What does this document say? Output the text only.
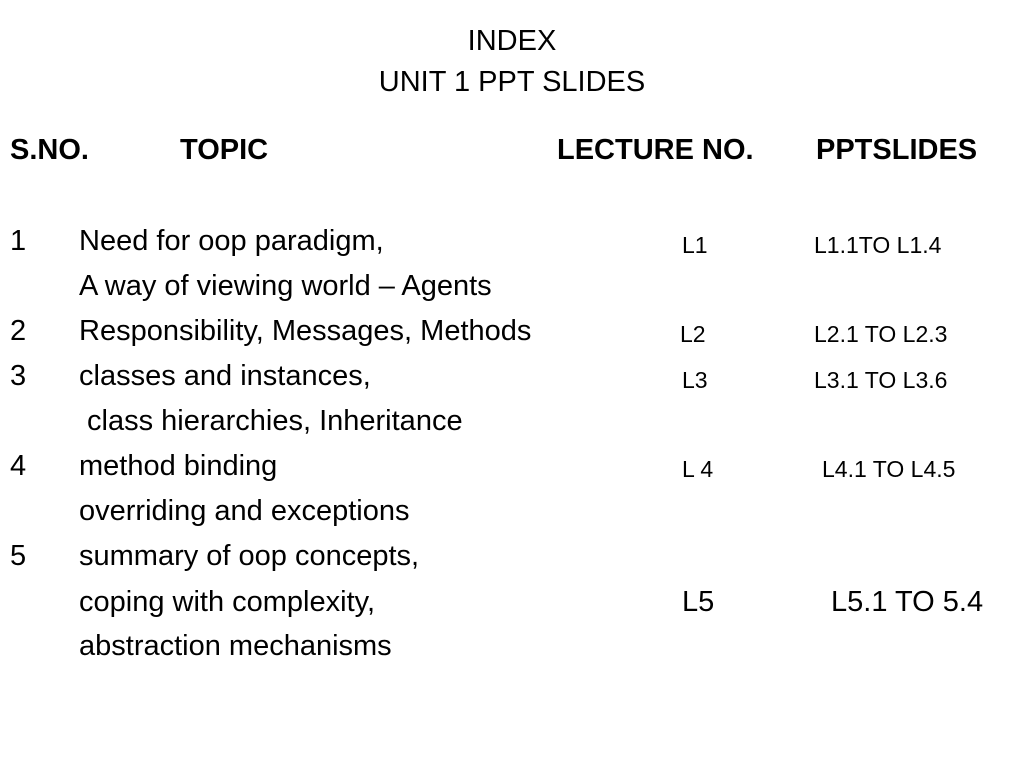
INDEX
UNIT 1 PPT SLIDES
S.NO.	TOPIC	LECTURE NO. PPTSLIDES
1 Need for oop paradigm,
A way of viewing world – Agents
L1	L1.1TO L1.4
2 Responsibility, Messages, Methods	L2	L2.1 TO L2.3
3 classes and instances,
class hierarchies, Inheritance
L3	L3.1 TO L3.6
4 method binding
overriding and exceptions
L 4	L4.1 TO L4.5
5 summary of oop concepts,
coping with complexity,
abstraction mechanisms
L5	L5.1 TO 5.4
